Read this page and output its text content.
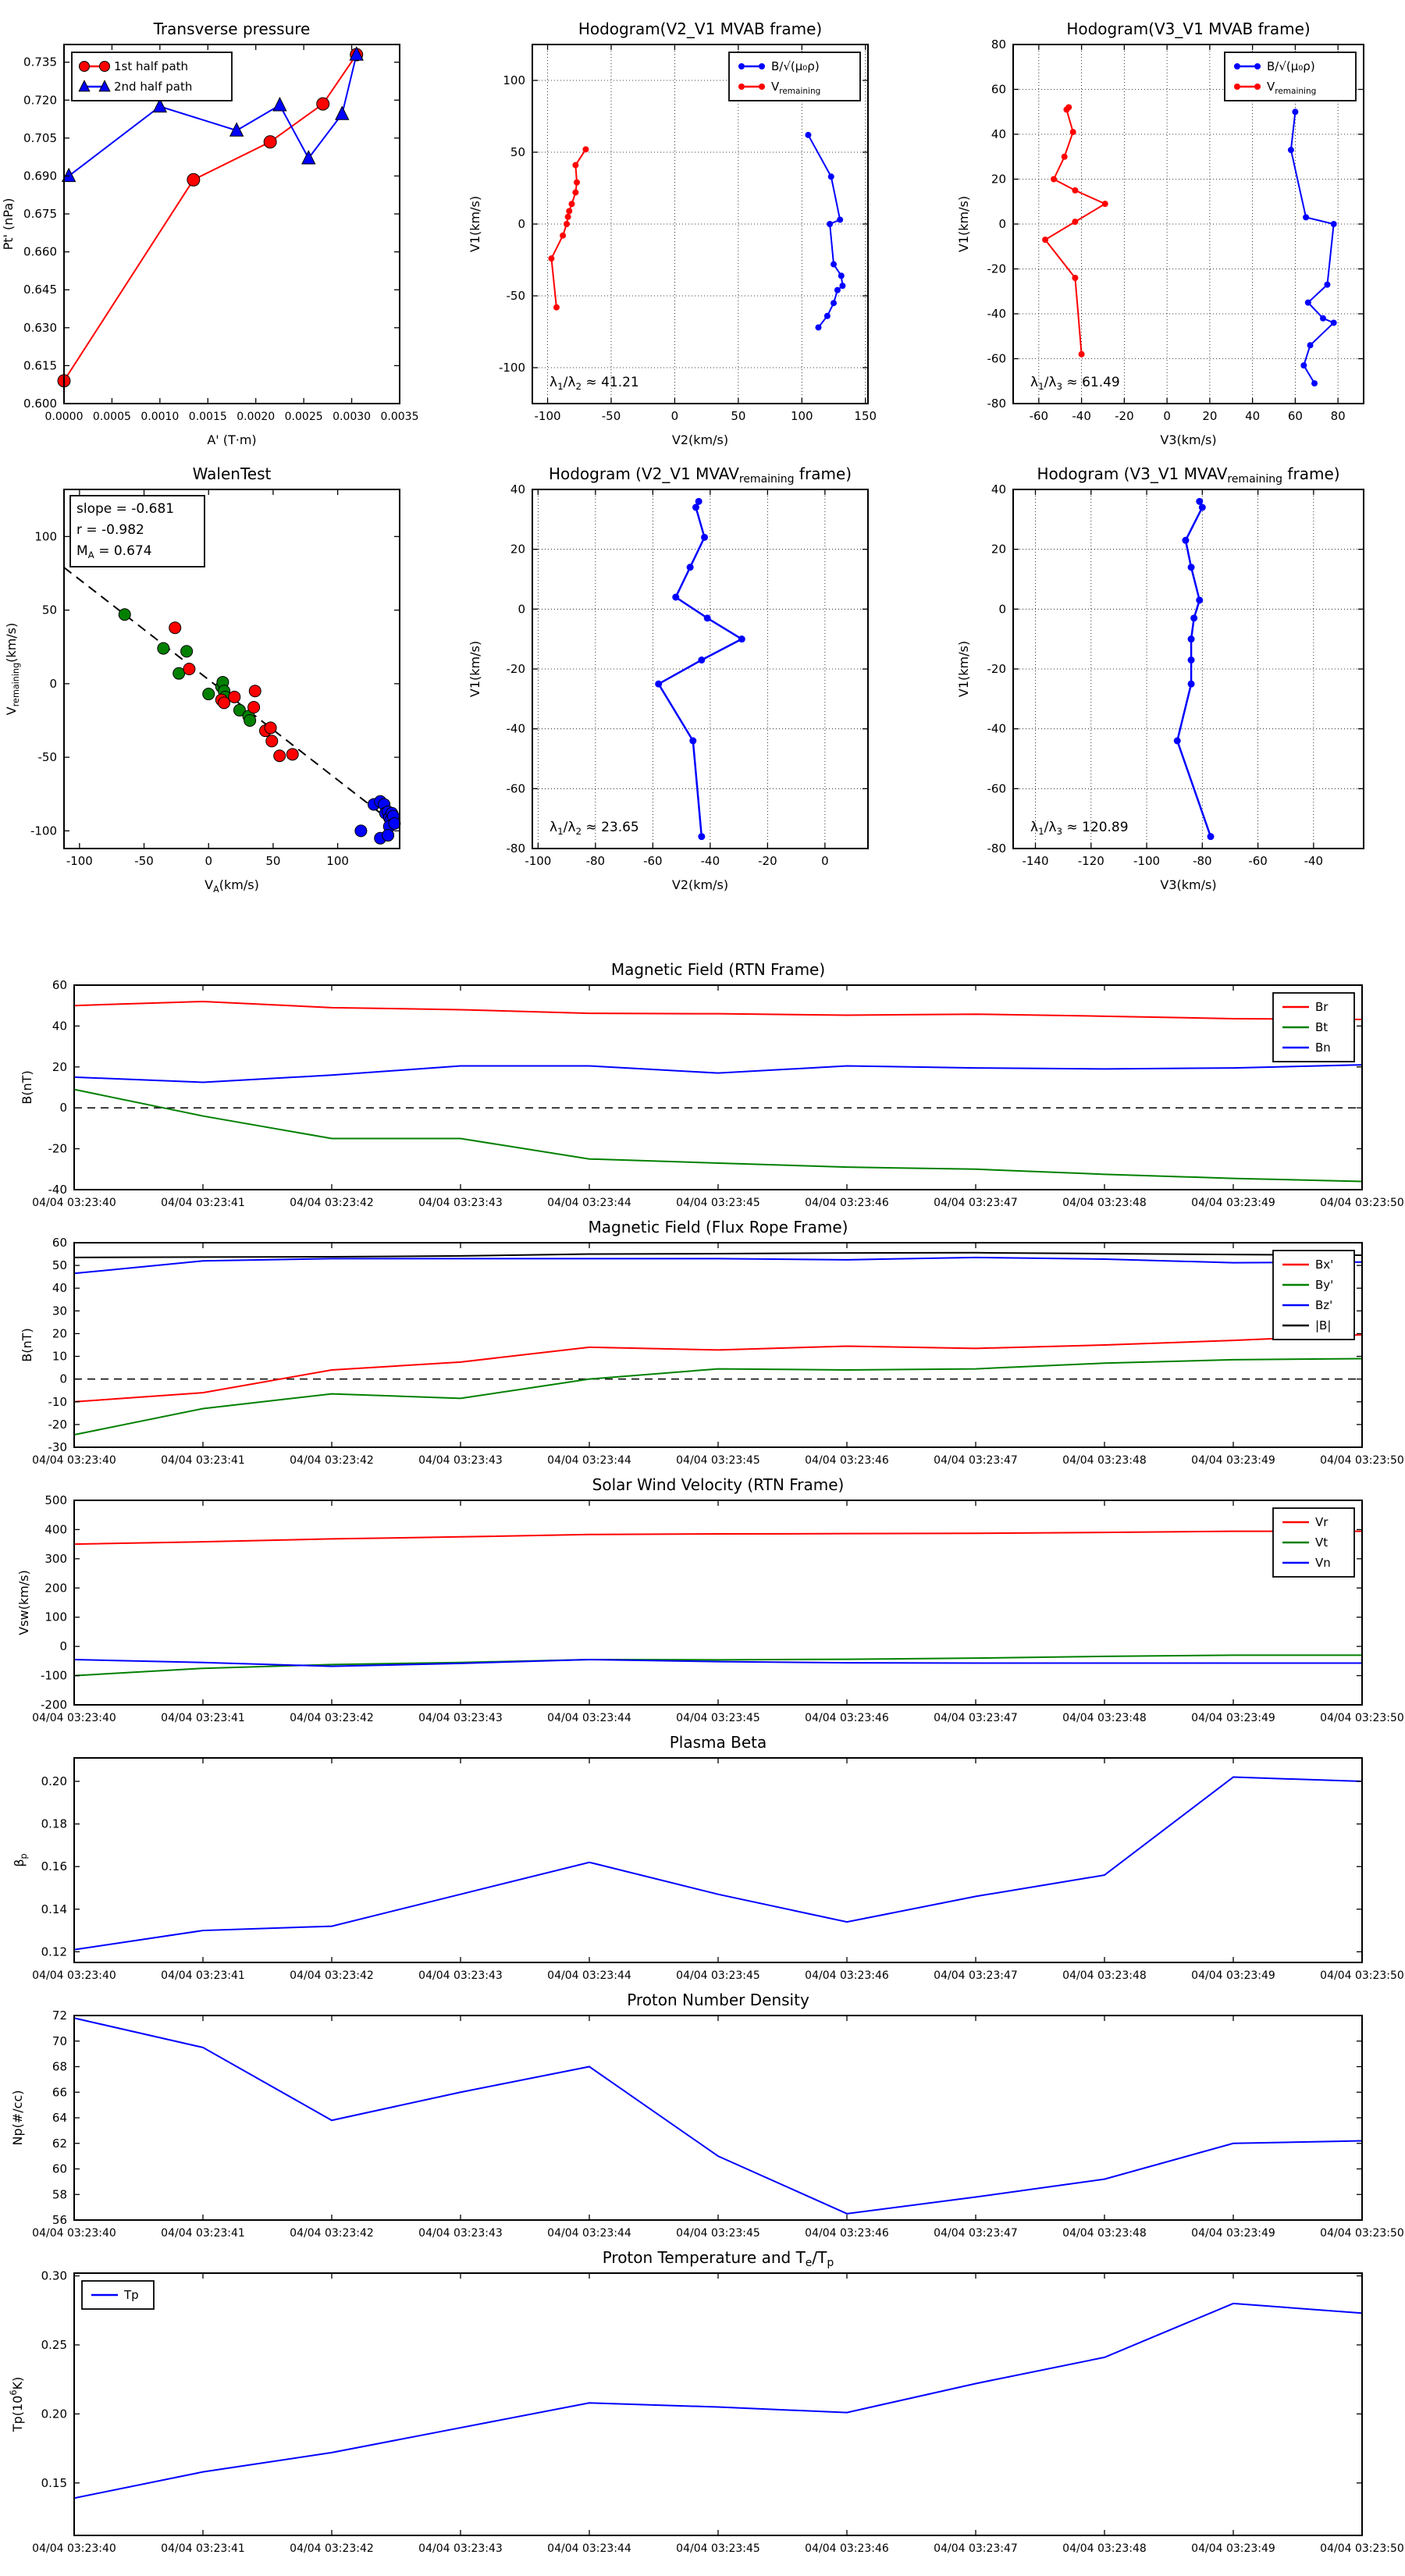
0.0000 0.0005 0.0010 0.0015 0.0020 0.0025 0.0030 0.0035
0.600
0.615
0.630
0.645
0.660
0.675
0.690
0.705
0.720
0.735
Transverse pressure
A' (T·m)
Pt' (nPa)
1st half path
2nd half path
-100	-50	0	50	100	150
-100
-50
0
50
100
Hodogram(V2_V1 MVAB frame)
V2(km/s)
V1(km/s)
$\lambda_1/\lambda_2 \approx 41.21$
B/√(μ₀ρ)
$V_{remaining}$
-60 -40 -20	0	20 40 60 80
-80
-60
-40
-20
0
20
40
60
80
Hodogram(V3_V1 MVAB frame)
V3(km/s)
V1(km/s)
$\lambda_1/\lambda_3 \approx 61.49$
B/√(μ₀ρ)
$V_{remaining}$
-100	-50	0	50	100
-100
-50
0
50
100
WalenTest
$V_A(km/s)$
$V_{remaining}(km/s)$
slope = -0.681
r = -0.982
$M_A = 0.674$
-100	-80	-60	-40	-20	0
-80
-60
-40
-20
0
20
40
Hodogram (V2_V1 $MVAV_{remaining}$ frame)
V2(km/s)
V1(km/s)
$\lambda_1/\lambda_2 \approx 23.65$
-140 -120 -100	-80	-60	-40
-80
-60
-40
-20
0
20
40
Hodogram (V3_V1 $MVAV_{remaining}$ frame)
V3(km/s)
V1(km/s)
$\lambda_1/\lambda_3 \approx 120.89$
04/04 03:23:40	04/04 03:23:41	04/04 03:23:42	04/04 03:23:43	04/04 03:23:44	04/04 03:23:45	04/04 03:23:46	04/04 03:23:47	04/04 03:23:48	04/04 03:23:49	04/04 03:23:50
-40
-20
0
20
40
60
Magnetic Field (RTN Frame)
B(nT)
Br
Bt
Bn
04/04 03:23:40	04/04 03:23:41	04/04 03:23:42	04/04 03:23:43	04/04 03:23:44	04/04 03:23:45	04/04 03:23:46	04/04 03:23:47	04/04 03:23:48	04/04 03:23:49	04/04 03:23:50
-30
-20
-10
0
10
20
30
40
50
60
Magnetic Field (Flux Rope Frame)
B(nT)
Bx'
By'
Bz'
|B|
04/04 03:23:40	04/04 03:23:41	04/04 03:23:42	04/04 03:23:43	04/04 03:23:44	04/04 03:23:45	04/04 03:23:46	04/04 03:23:47	04/04 03:23:48	04/04 03:23:49	04/04 03:23:50
-200
-100
0
100
200
300
400
500
Solar Wind Velocity (RTN Frame)
Vsw(km/s)
Vr
Vt
Vn
04/04 03:23:40	04/04 03:23:41	04/04 03:23:42	04/04 03:23:43	04/04 03:23:44	04/04 03:23:45	04/04 03:23:46	04/04 03:23:47	04/04 03:23:48	04/04 03:23:49	04/04 03:23:50
0.12
0.14
0.16
0.18
0.20
Plasma Beta
$\beta_p$
04/04 03:23:40	04/04 03:23:41	04/04 03:23:42	04/04 03:23:43	04/04 03:23:44	04/04 03:23:45	04/04 03:23:46	04/04 03:23:47	04/04 03:23:48	04/04 03:23:49	04/04 03:23:50
56
58
60
62
64
66
68
70
72
Proton Number Density
Np(#/cc)
04/04 03:23:40	04/04 03:23:41	04/04 03:23:42	04/04 03:23:43	04/04 03:23:44	04/04 03:23:45	04/04 03:23:46	04/04 03:23:47	04/04 03:23:48	04/04 03:23:49	04/04 03:23:50
0.15
0.20
0.25
0.30
Proton Temperature and $T_e/T_p$
$Tp(10^6K)$
Tp
